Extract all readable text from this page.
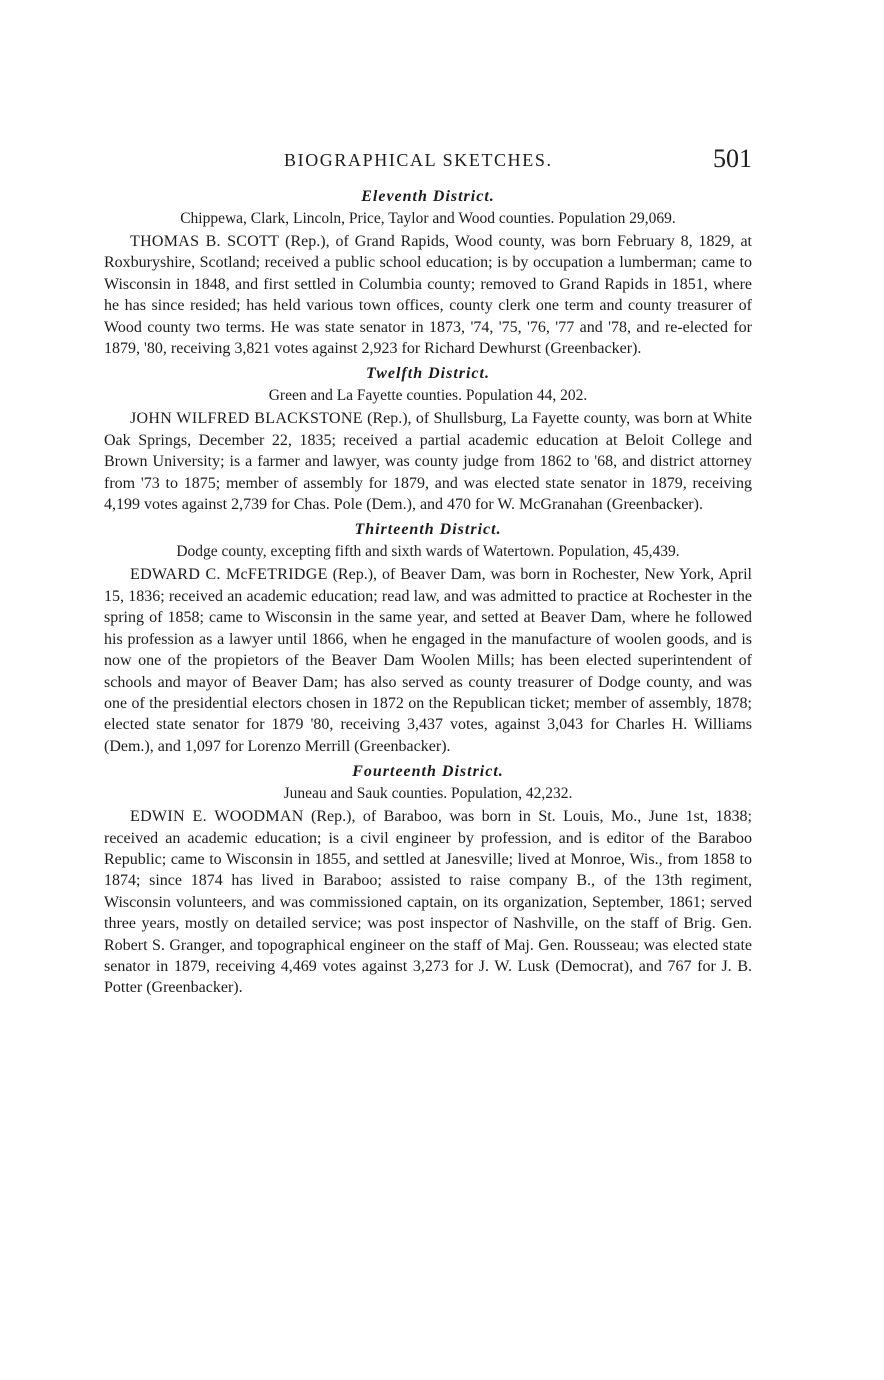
BIOGRAPHICAL SKETCHES.	501
Eleventh District.
Chippewa, Clark, Lincoln, Price, Taylor and Wood counties. Population 29,069.

THOMAS B. SCOTT (Rep.), of Grand Rapids, Wood county, was born February 8, 1829, at Roxburyshire, Scotland; received a public school education; is by occupation a lumberman; came to Wisconsin in 1848, and first settled in Columbia county; removed to Grand Rapids in 1851, where he has since resided; has held various town offices, county clerk one term and county treasurer of Wood county two terms. He was state senator in 1873, '74, '75, '76, '77 and '78, and re-elected for 1879, '80, receiving 3,821 votes against 2,923 for Richard Dewhurst (Greenbacker).

Twelfth District.
Green and La Fayette counties. Population 44, 202.

JOHN WILFRED BLACKSTONE (Rep.), of Shullsburg, La Fayette county, was born at White Oak Springs, December 22, 1835; received a partial academic education at Beloit College and Brown University; is a farmer and lawyer, was county judge from 1862 to '68, and district attorney from '73 to 1875; member of assembly for 1879, and was elected state senator in 1879, receiving 4,199 votes against 2,739 for Chas. Pole (Dem.), and 470 for W. McGranahan (Greenbacker).

Thirteenth District.
Dodge county, excepting fifth and sixth wards of Watertown. Population, 45,439.

EDWARD C. McFETRIDGE (Rep.), of Beaver Dam, was born in Rochester, New York, April 15, 1836; received an academic education; read law, and was admitted to practice at Rochester in the spring of 1858; came to Wisconsin in the same year, and setted at Beaver Dam, where he followed his profession as a lawyer until 1866, when he engaged in the manufacture of woolen goods, and is now one of the propietors of the Beaver Dam Woolen Mills; has been elected superintendent of schools and mayor of Beaver Dam; has also served as county treasurer of Dodge county, and was one of the presidential electors chosen in 1872 on the Republican ticket; member of assembly, 1878; elected state senator for 1879 '80, receiving 3,437 votes, against 3,043 for Charles H. Williams (Dem.), and 1,097 for Lorenzo Merrill (Greenbacker).

Fourteenth District.
Juneau and Sauk counties. Population, 42,232.

EDWIN E. WOODMAN (Rep.), of Baraboo, was born in St. Louis, Mo., June 1st, 1838; received an academic education; is a civil engineer by profession, and is editor of the Baraboo Republic; came to Wisconsin in 1855, and settled at Janesville; lived at Monroe, Wis., from 1858 to 1874; since 1874 has lived in Baraboo; assisted to raise company B., of the 13th regiment, Wisconsin volunteers, and was commissioned captain, on its organization, September, 1861; served three years, mostly on detailed service; was post inspector of Nashville, on the staff of Brig. Gen. Robert S. Granger, and topographical engineer on the staff of Maj. Gen. Rousseau; was elected state senator in 1879, receiving 4,469 votes against 3,273 for J. W. Lusk (Democrat), and 767 for J. B. Potter (Greenbacker).
